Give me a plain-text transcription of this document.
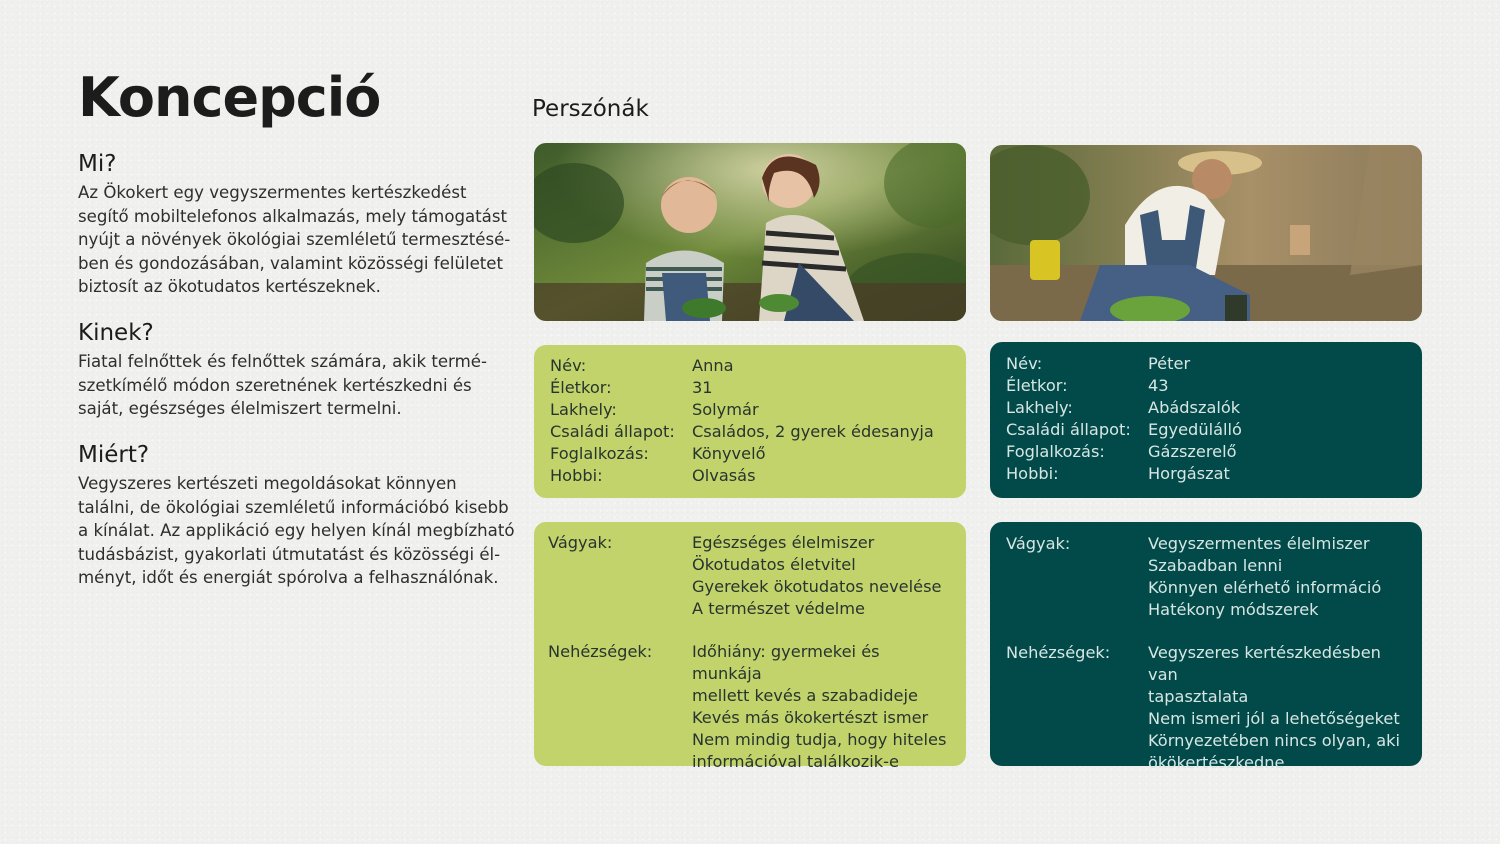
Koncepció
Mi?

Az Ökokert egy vegyszermentes kertészkedést segítő mobiltelefonos alkalmazás, mely támogatást nyújt a növények ökológiai szemléletű termesztésé-ben és gondozásában, valamint közösségi felületet biztosít az ökotudatos kertészeknek.

Kinek?

Fiatal felnőttek és felnőttek számára, akik termé-szetkímélő módon szeretnének kertészkedni és saját, egészséges élelmiszert termelni.

Miért?

Vegyszeres kertészeti megoldásokat könnyen találni, de ökológiai szemléletű információbó kisebb a kínálat. Az applikáció egy helyen kínál megbízható tudásbázist, gyakorlati útmutatást és közösségi él-ményt, időt és energiát spórolva a felhasználónak.

Perszónák
Név:	Anna
Életkor:	31
Lakhely:	Solymár
Családi állapot:	Családos, 2 gyerek édesanyja
Foglalkozás:	Könyvelő
Hobbi:	Olvasás
Név:	Péter
Életkor:	43
Lakhely:	Abádszalók
Családi állapot:	Egyedülálló
Foglalkozás:	Gázszerelő
Hobbi:	Horgászat
Vágyak:	Egészséges élelmiszer
Ökotudatos életvitel
Gyerekek ökotudatos nevelése
A természet védelme
Nehézségek:	Időhiány: gyermekei és munkája
mellett kevés a szabadideje
Kevés más ökokertészt ismer
Nem mindig tudja, hogy hiteles
információval találkozik-e
Vágyak:	Vegyszermentes élelmiszer
Szabadban lenni
Könnyen elérhető információ
Hatékony módszerek
Nehézségek:	Vegyszeres kertészkedésben van
tapasztalata
Nem ismeri jól a lehetőségeket
Környezetében nincs olyan, aki
ökökertészkedne
